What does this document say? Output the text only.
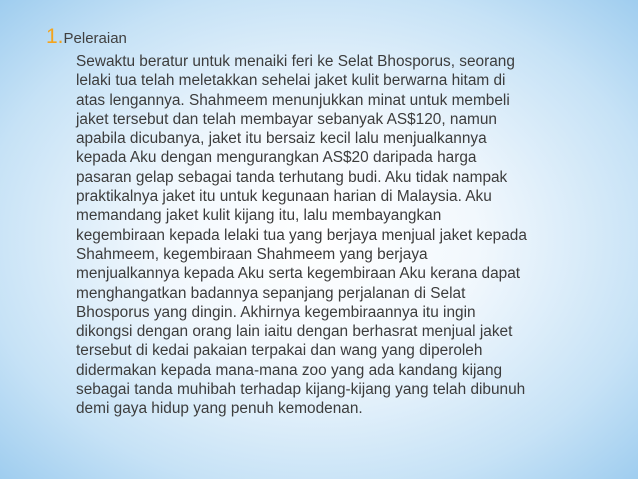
1.Peleraian

Sewaktu beratur untuk menaiki feri ke Selat Bhosporus, seorang
lelaki tua telah meletakkan sehelai jaket kulit berwarna hitam di
atas lengannya. Shahmeem menunjukkan minat untuk membeli
jaket tersebut dan telah membayar sebanyak AS$120, namun
apabila dicubanya, jaket itu bersaiz kecil lalu menjualkannya
kepada Aku dengan mengurangkan AS$20 daripada harga
pasaran gelap sebagai tanda terhutang budi. Aku tidak nampak
praktikalnya jaket itu untuk kegunaan harian di Malaysia. Aku
memandang jaket kulit kijang itu, lalu membayangkan
kegembiraan kepada lelaki tua yang berjaya menjual jaket kepada
Shahmeem, kegembiraan Shahmeem yang berjaya
menjualkannya kepada Aku serta kegembiraan Aku kerana dapat
menghangatkan badannya sepanjang perjalanan di Selat
Bhosporus yang dingin. Akhirnya kegembiraannya itu ingin
dikongsi dengan orang lain iaitu dengan berhasrat menjual jaket
tersebut di kedai pakaian terpakai dan wang yang diperoleh
didermakan kepada mana-mana zoo yang ada kandang kijang
sebagai tanda muhibah terhadap kijang-kijang yang telah dibunuh
demi gaya hidup yang penuh kemodenan.
